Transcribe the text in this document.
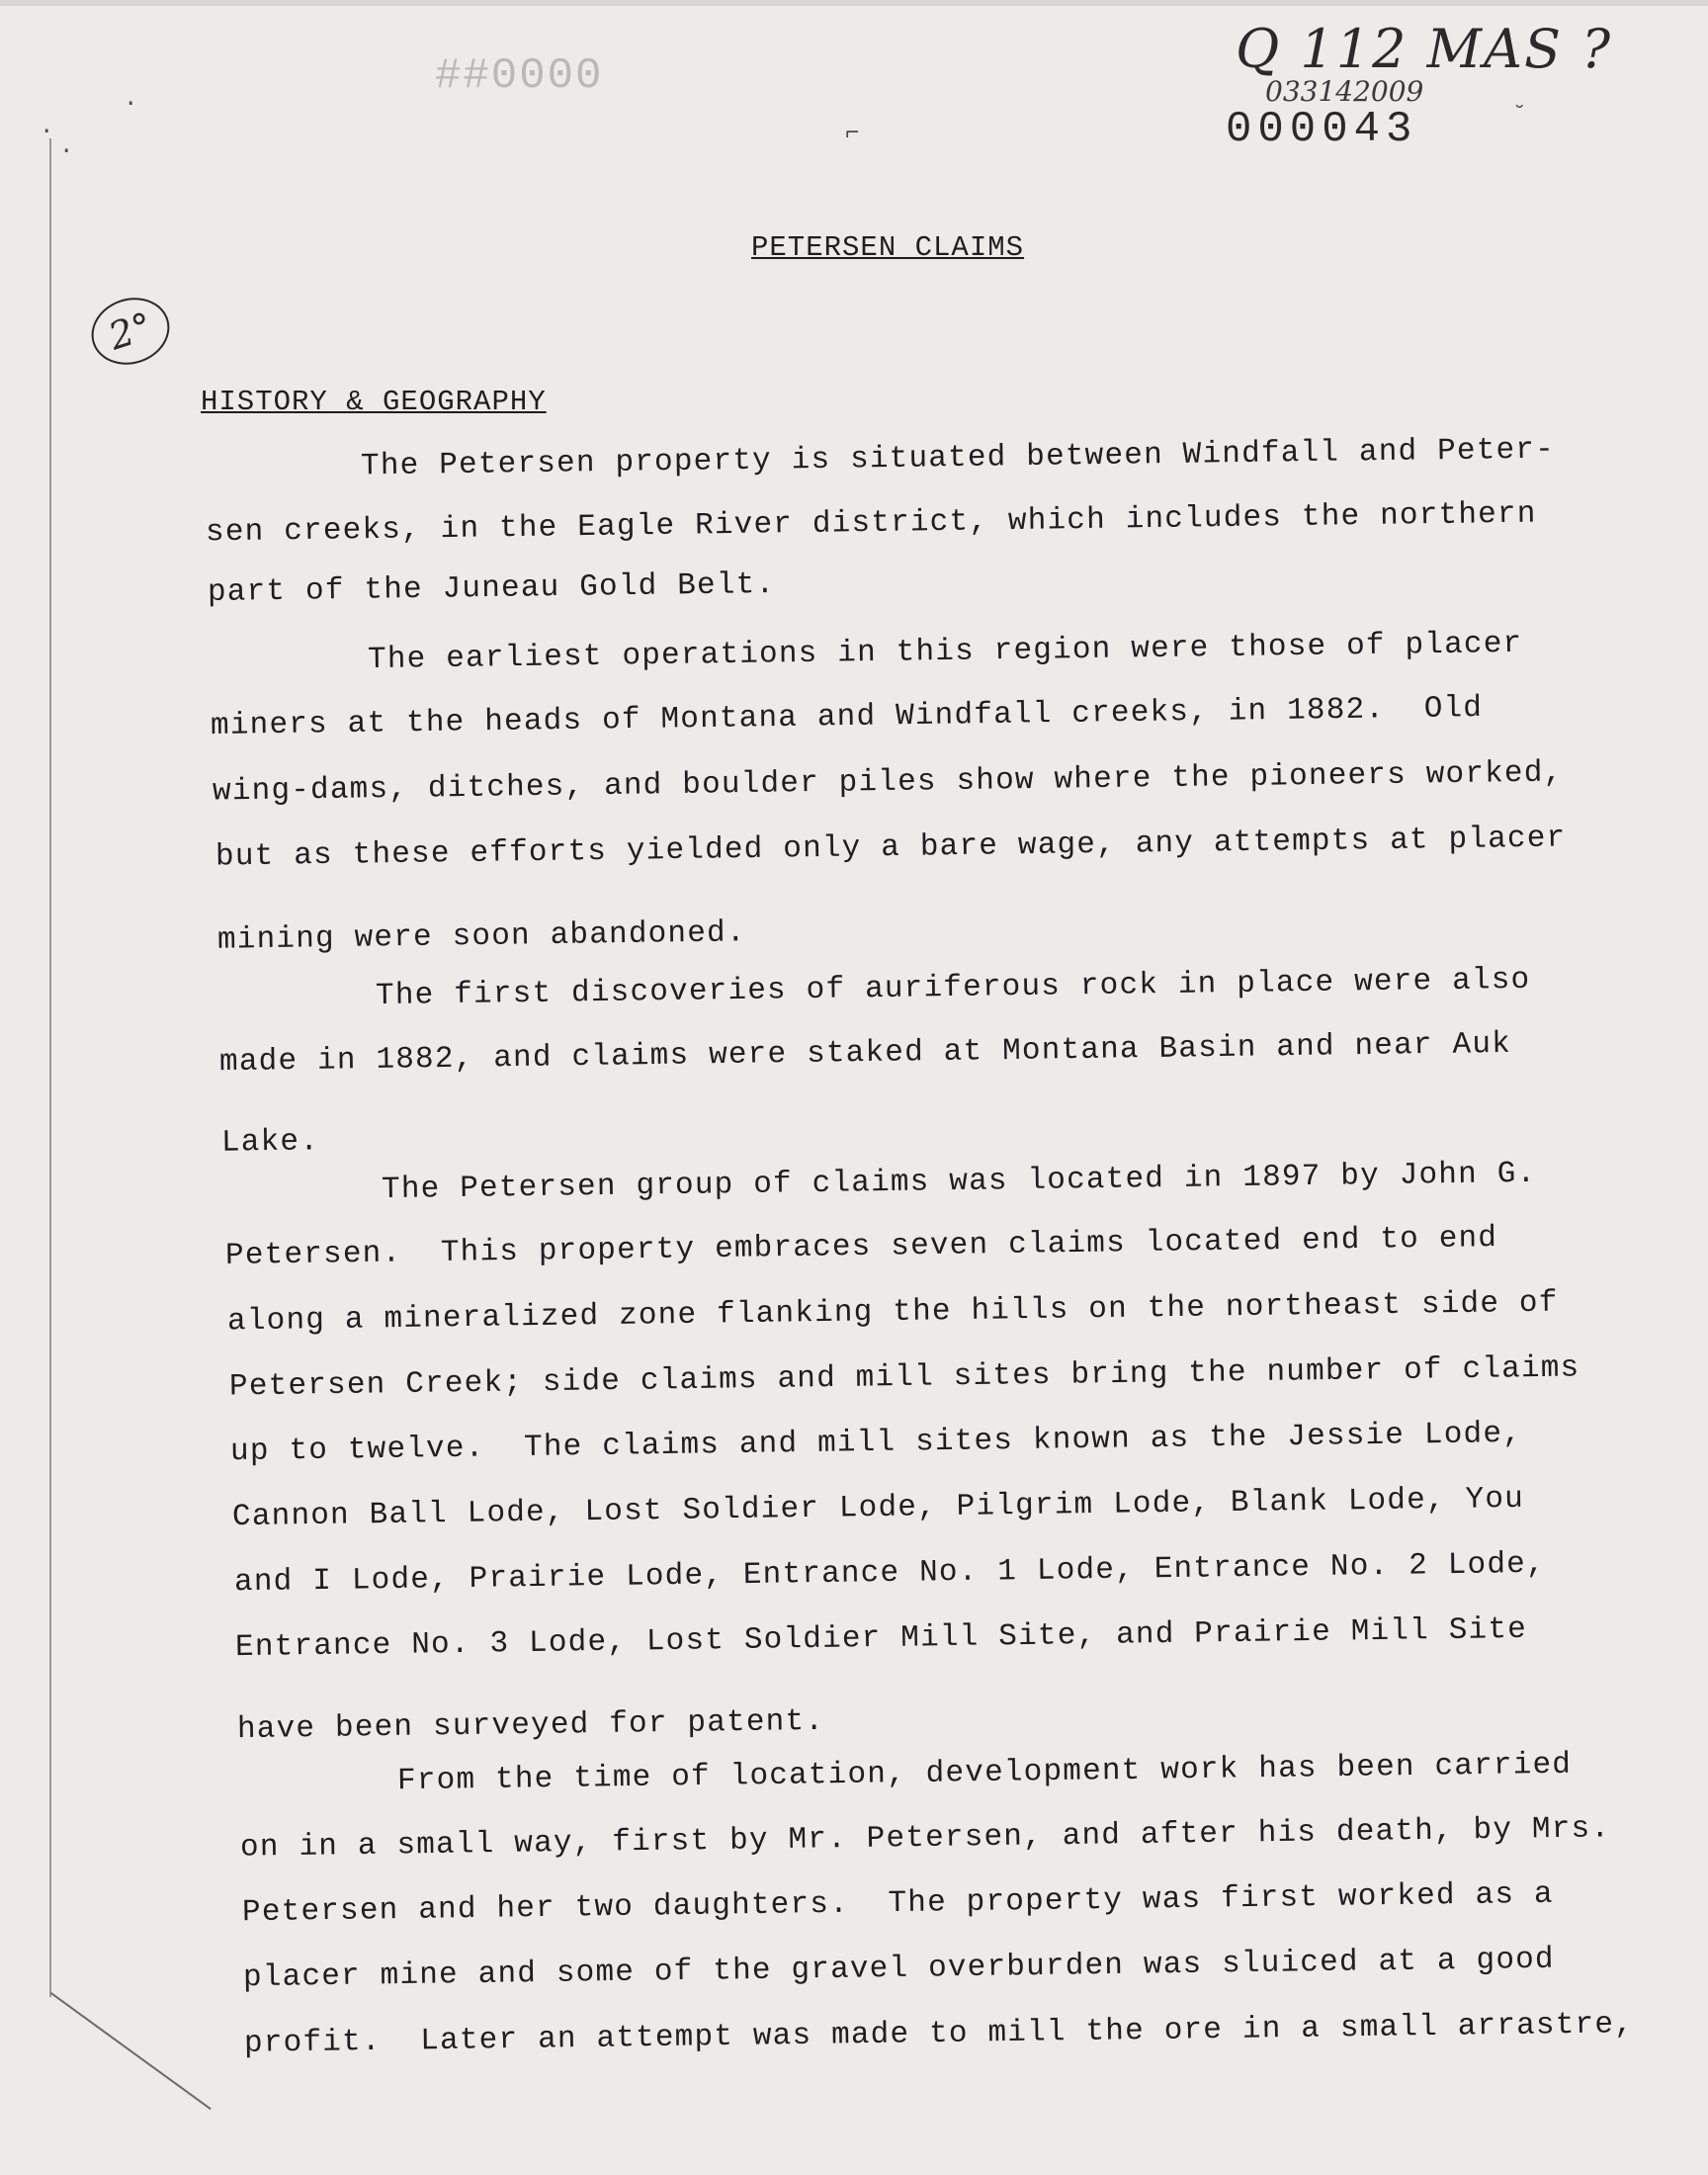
##0000	Q 112 MAS ?
033142009
000043
2°
·
·
·
⌐
˘
PETERSEN CLAIMS
HISTORY & GEOGRAPHY
The Petersen property is situated between Windfall and Peter-
sen creeks, in the Eagle River district, which includes the northern
part of the Juneau Gold Belt.
The earliest operations in this region were those of placer
miners at the heads of Montana and Windfall creeks, in 1882.  Old
wing-dams, ditches, and boulder piles show where the pioneers worked,
but as these efforts yielded only a bare wage, any attempts at placer
mining were soon abandoned.
The first discoveries of auriferous rock in place were also
made in 1882, and claims were staked at Montana Basin and near Auk
Lake.
The Petersen group of claims was located in 1897 by John G.
Petersen.  This property embraces seven claims located end to end
along a mineralized zone flanking the hills on the northeast side of
Petersen Creek; side claims and mill sites bring the number of claims
up to twelve.  The claims and mill sites known as the Jessie Lode,
Cannon Ball Lode, Lost Soldier Lode, Pilgrim Lode, Blank Lode, You
and I Lode, Prairie Lode, Entrance No. 1 Lode, Entrance No. 2 Lode,
Entrance No. 3 Lode, Lost Soldier Mill Site, and Prairie Mill Site
have been surveyed for patent.
From the time of location, development work has been carried
on in a small way, first by Mr. Petersen, and after his death, by Mrs.
Petersen and her two daughters.  The property was first worked as a
placer mine and some of the gravel overburden was sluiced at a good
profit.  Later an attempt was made to mill the ore in a small arrastre,
